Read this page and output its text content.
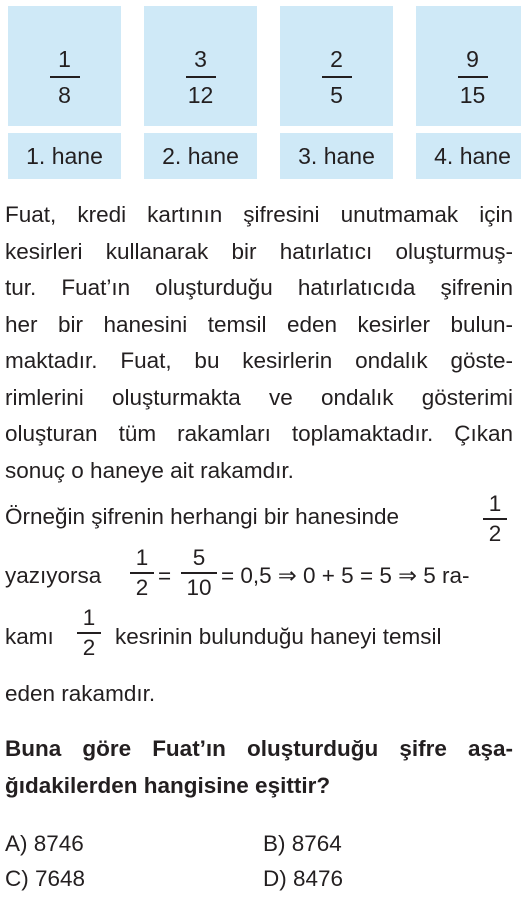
1
8
1. hane
3
12
2. hane
2
5
3. hane
9
15
4. hane
Fuat, kredi kartının şifresini unutmamak için
kesirleri kullanarak bir hatırlatıcı oluşturmuş-
tur. Fuat’ın oluşturduğu hatırlatıcıda şifrenin
her bir hanesini temsil eden kesirler bulun-
maktadır. Fuat, bu kesirlerin ondalık göste-
rimlerini oluşturmakta ve ondalık gösterimi
oluşturan tüm rakamları toplamaktadır. Çıkan
sonuç o haneye ait rakamdır.
Örneğin şifrenin herhangi bir hanesinde
1
2
yazıyorsa
1
2 =
5
10 = 0,5 ⇒ 0 + 5 = 5 ⇒ 5 ra-
kamı
1
2 kesrinin bulunduğu haneyi temsil
eden rakamdır.
Buna göre Fuat’ın oluşturduğu şifre aşa-
ğıdakilerden hangisine eşittir?
A) 8746	B) 8764
C) 7648	D) 8476
